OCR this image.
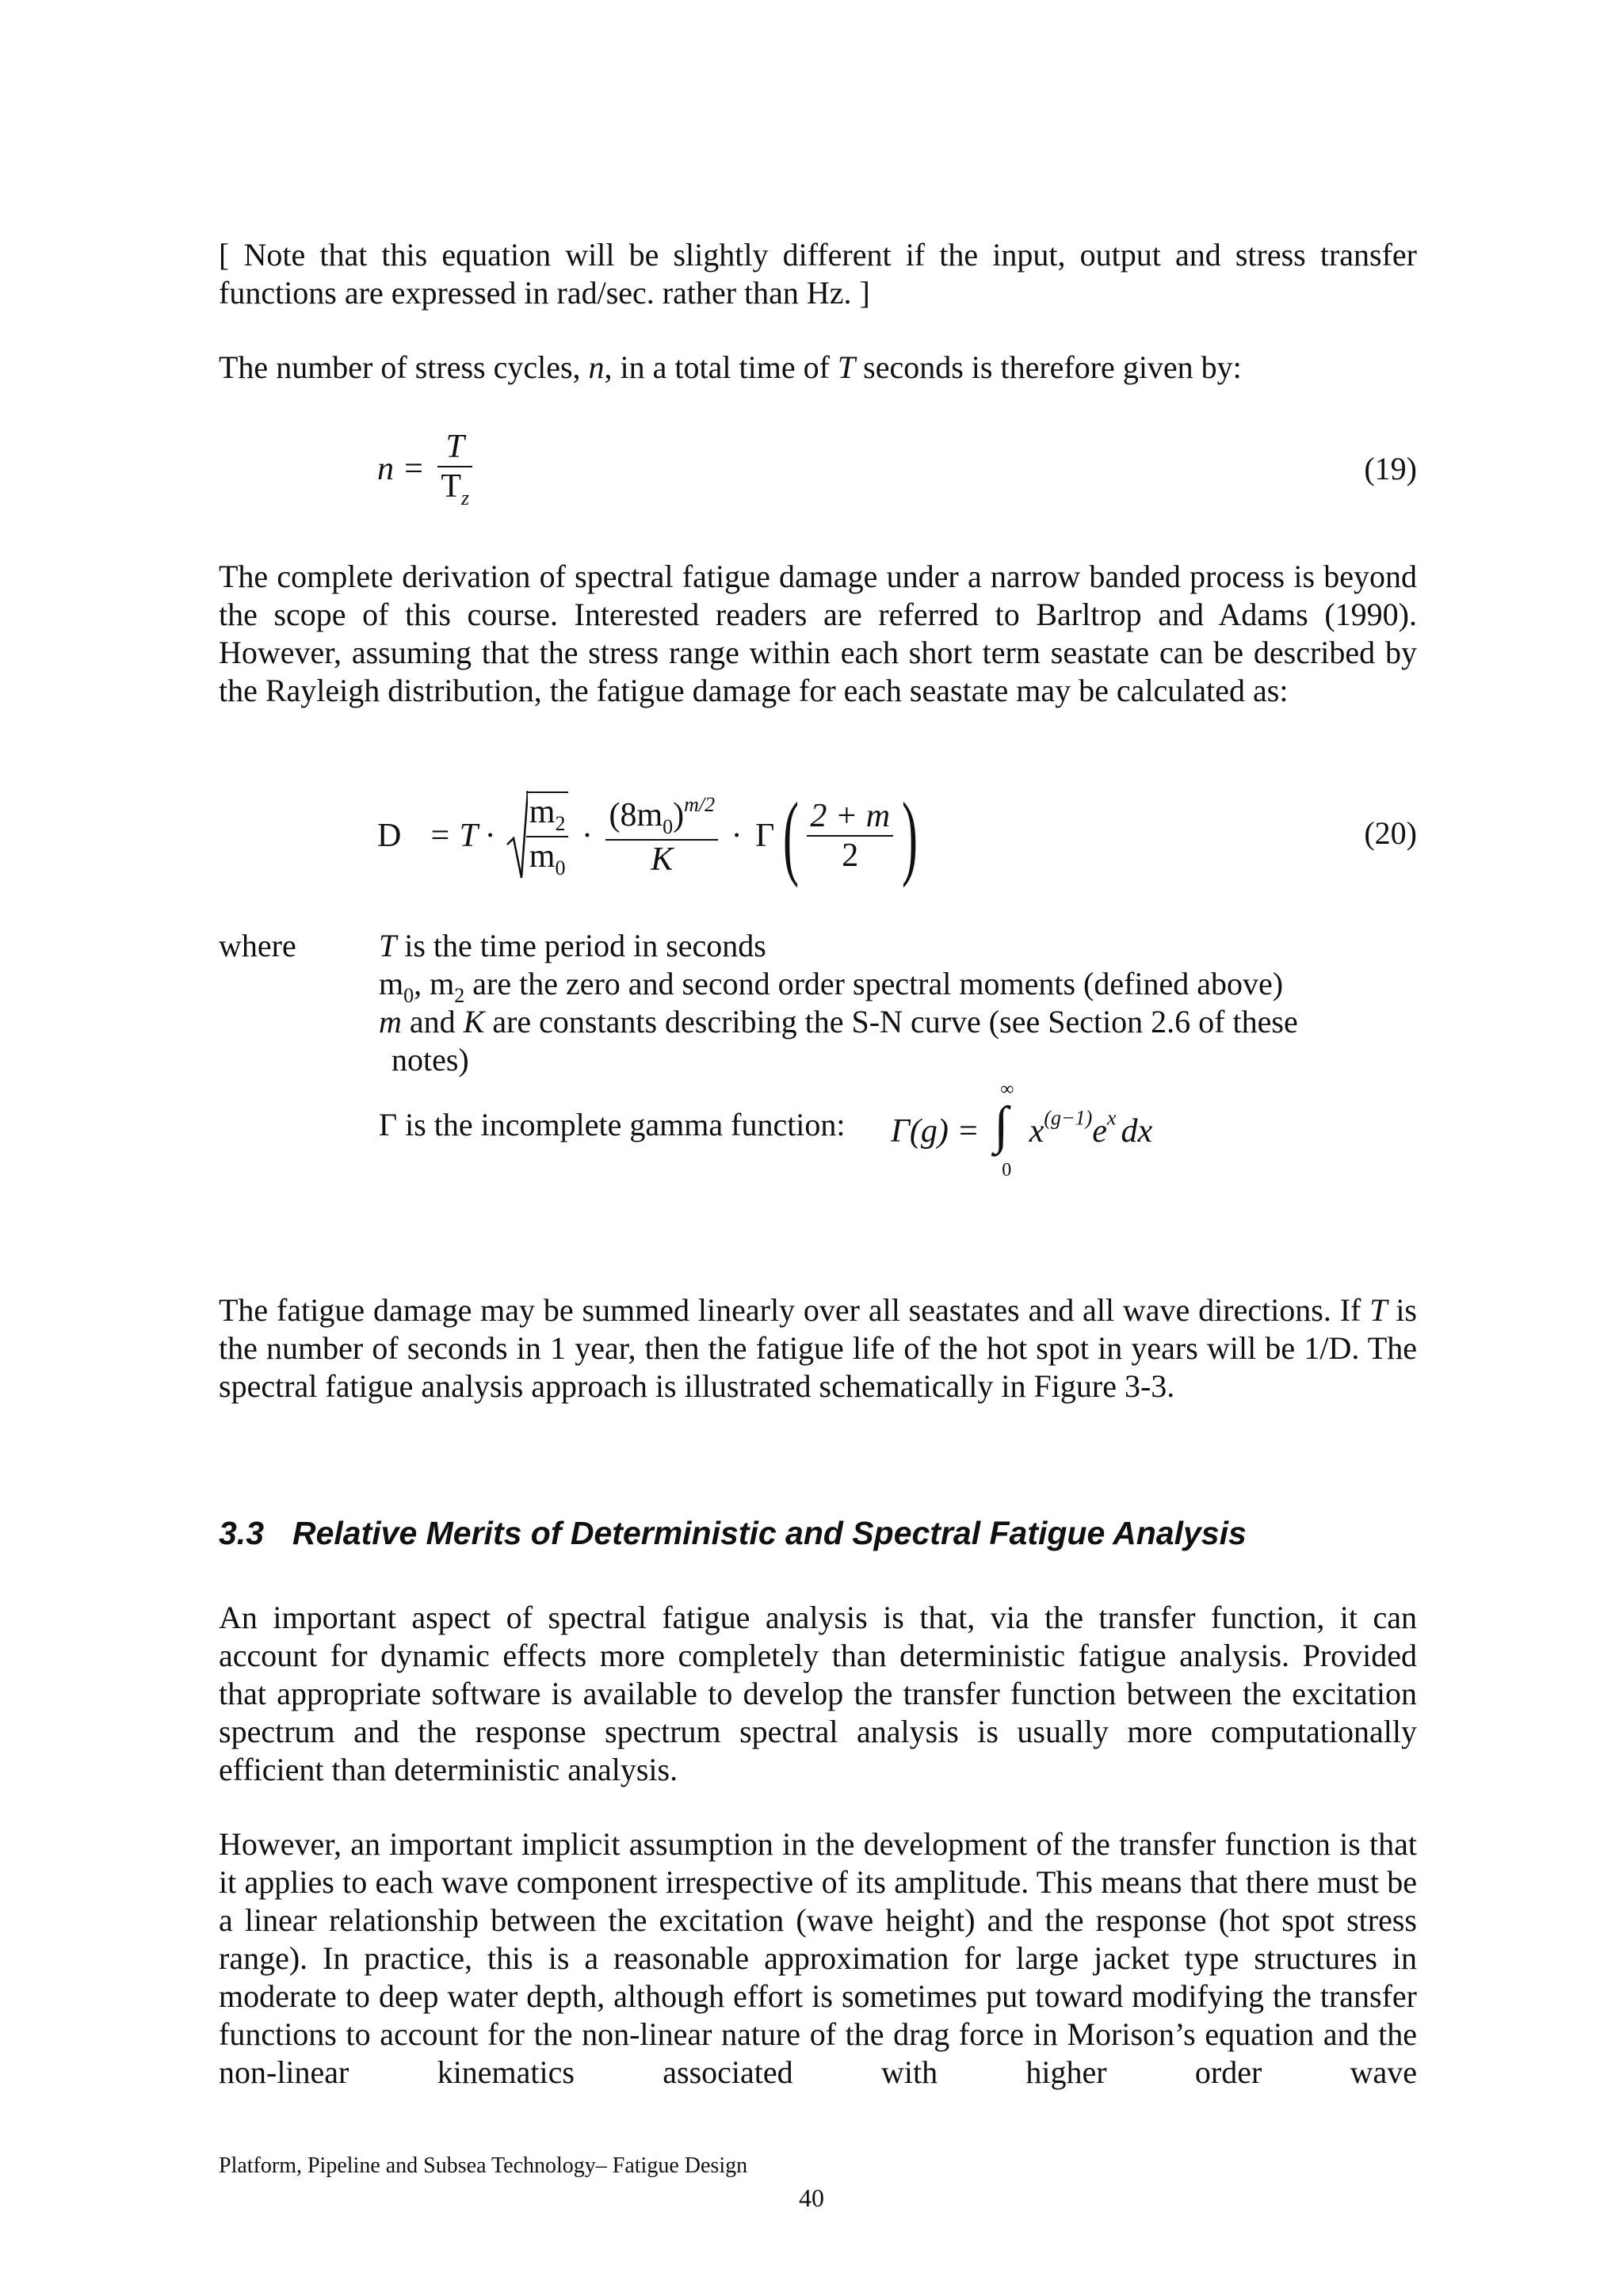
[ Note that this equation will be slightly different if the input, output and stress transfer functions are expressed in rad/sec. rather than Hz. ]

The number of stress cycles, n, in a total time of T seconds is therefore given by:

$n = \frac{T}{T_z}$	(19)

The complete derivation of spectral fatigue damage under a narrow banded process is beyond the scope of this course. Interested readers are referred to Barltrop and Adams (1990). However, assuming that the stress range within each short term seastate can be described by the Rayleigh distribution, the fatigue damage for each seastate may be calculated as:

$D = T \cdot \frac{m_2}{m_0} \cdot \frac{(8m_0)^{m/2}}{K} \cdot \Gamma$ ( $\frac{2 + m}{2}$ )	(20)
where	T is the time period in seconds
$m_0$, $m_2$ are the zero and second order spectral moments (defined above)
m and K are constants describing the S-N curve (see Section 2.6 of these
notes)
Γ is the incomplete gamma function: Γ(g) =
∞
∫
0
$x^{(g-1)}e^x$ dx

The fatigue damage may be summed linearly over all seastates and all wave directions. If T is the number of seconds in 1 year, then the fatigue life of the hot spot in years will be 1/D. The spectral fatigue analysis approach is illustrated schematically in Figure 3-3.

3.3 Relative Merits of Deterministic and Spectral Fatigue Analysis

An important aspect of spectral fatigue analysis is that, via the transfer function, it can account for dynamic effects more completely than deterministic fatigue analysis. Provided that appropriate software is available to develop the transfer function between the excitation spectrum and the response spectrum spectral analysis is usually more computationally efficient than deterministic analysis.

However, an important implicit assumption in the development of the transfer function is that it applies to each wave component irrespective of its amplitude. This means that there must be a linear relationship between the excitation (wave height) and the response (hot spot stress range). In practice, this is a reasonable approximation for large jacket type structures in moderate to deep water depth, although effort is sometimes put toward modifying the transfer functions to account for the non-linear nature of the drag force in Morison’s equation and the non-linear kinematics associated with higher order wave

Platform, Pipeline and Subsea Technology– Fatigue Design
40
